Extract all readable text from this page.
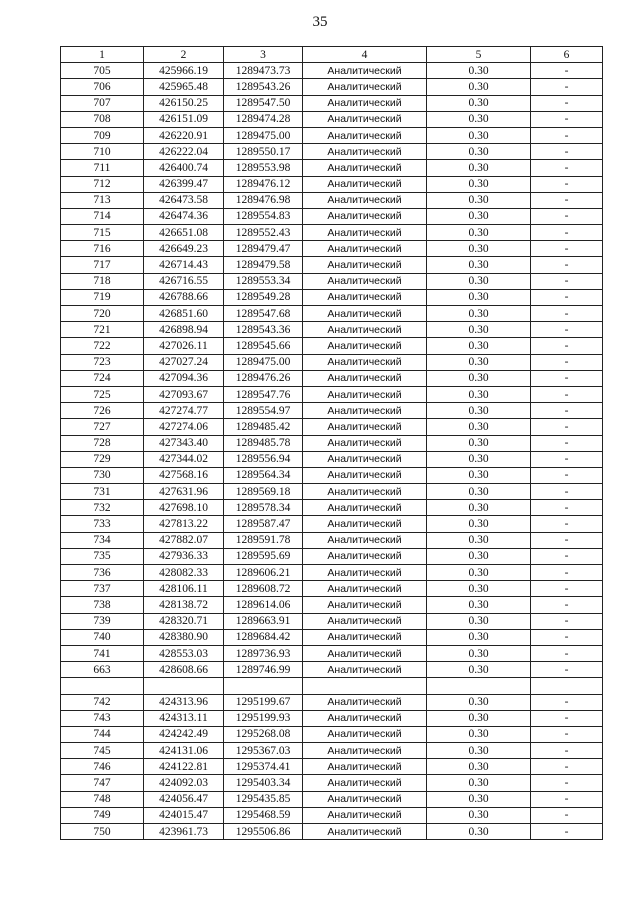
35
1	2	3	4	5	6
705	425966.19	1289473.73	Аналитический	0.30	-
706	425965.48	1289543.26	Аналитический	0.30	-
707	426150.25	1289547.50	Аналитический	0.30	-
708	426151.09	1289474.28	Аналитический	0.30	-
709	426220.91	1289475.00	Аналитический	0.30	-
710	426222.04	1289550.17	Аналитический	0.30	-
711	426400.74	1289553.98	Аналитический	0.30	-
712	426399.47	1289476.12	Аналитический	0.30	-
713	426473.58	1289476.98	Аналитический	0.30	-
714	426474.36	1289554.83	Аналитический	0.30	-
715	426651.08	1289552.43	Аналитический	0.30	-
716	426649.23	1289479.47	Аналитический	0.30	-
717	426714.43	1289479.58	Аналитический	0.30	-
718	426716.55	1289553.34	Аналитический	0.30	-
719	426788.66	1289549.28	Аналитический	0.30	-
720	426851.60	1289547.68	Аналитический	0.30	-
721	426898.94	1289543.36	Аналитический	0.30	-
722	427026.11	1289545.66	Аналитический	0.30	-
723	427027.24	1289475.00	Аналитический	0.30	-
724	427094.36	1289476.26	Аналитический	0.30	-
725	427093.67	1289547.76	Аналитический	0.30	-
726	427274.77	1289554.97	Аналитический	0.30	-
727	427274.06	1289485.42	Аналитический	0.30	-
728	427343.40	1289485.78	Аналитический	0.30	-
729	427344.02	1289556.94	Аналитический	0.30	-
730	427568.16	1289564.34	Аналитический	0.30	-
731	427631.96	1289569.18	Аналитический	0.30	-
732	427698.10	1289578.34	Аналитический	0.30	-
733	427813.22	1289587.47	Аналитический	0.30	-
734	427882.07	1289591.78	Аналитический	0.30	-
735	427936.33	1289595.69	Аналитический	0.30	-
736	428082.33	1289606.21	Аналитический	0.30	-
737	428106.11	1289608.72	Аналитический	0.30	-
738	428138.72	1289614.06	Аналитический	0.30	-
739	428320.71	1289663.91	Аналитический	0.30	-
740	428380.90	1289684.42	Аналитический	0.30	-
741	428553.03	1289736.93	Аналитический	0.30	-
663	428608.66	1289746.99	Аналитический	0.30	-

742	424313.96	1295199.67	Аналитический	0.30	-
743	424313.11	1295199.93	Аналитический	0.30	-
744	424242.49	1295268.08	Аналитический	0.30	-
745	424131.06	1295367.03	Аналитический	0.30	-
746	424122.81	1295374.41	Аналитический	0.30	-
747	424092.03	1295403.34	Аналитический	0.30	-
748	424056.47	1295435.85	Аналитический	0.30	-
749	424015.47	1295468.59	Аналитический	0.30	-
750	423961.73	1295506.86	Аналитический	0.30	-
